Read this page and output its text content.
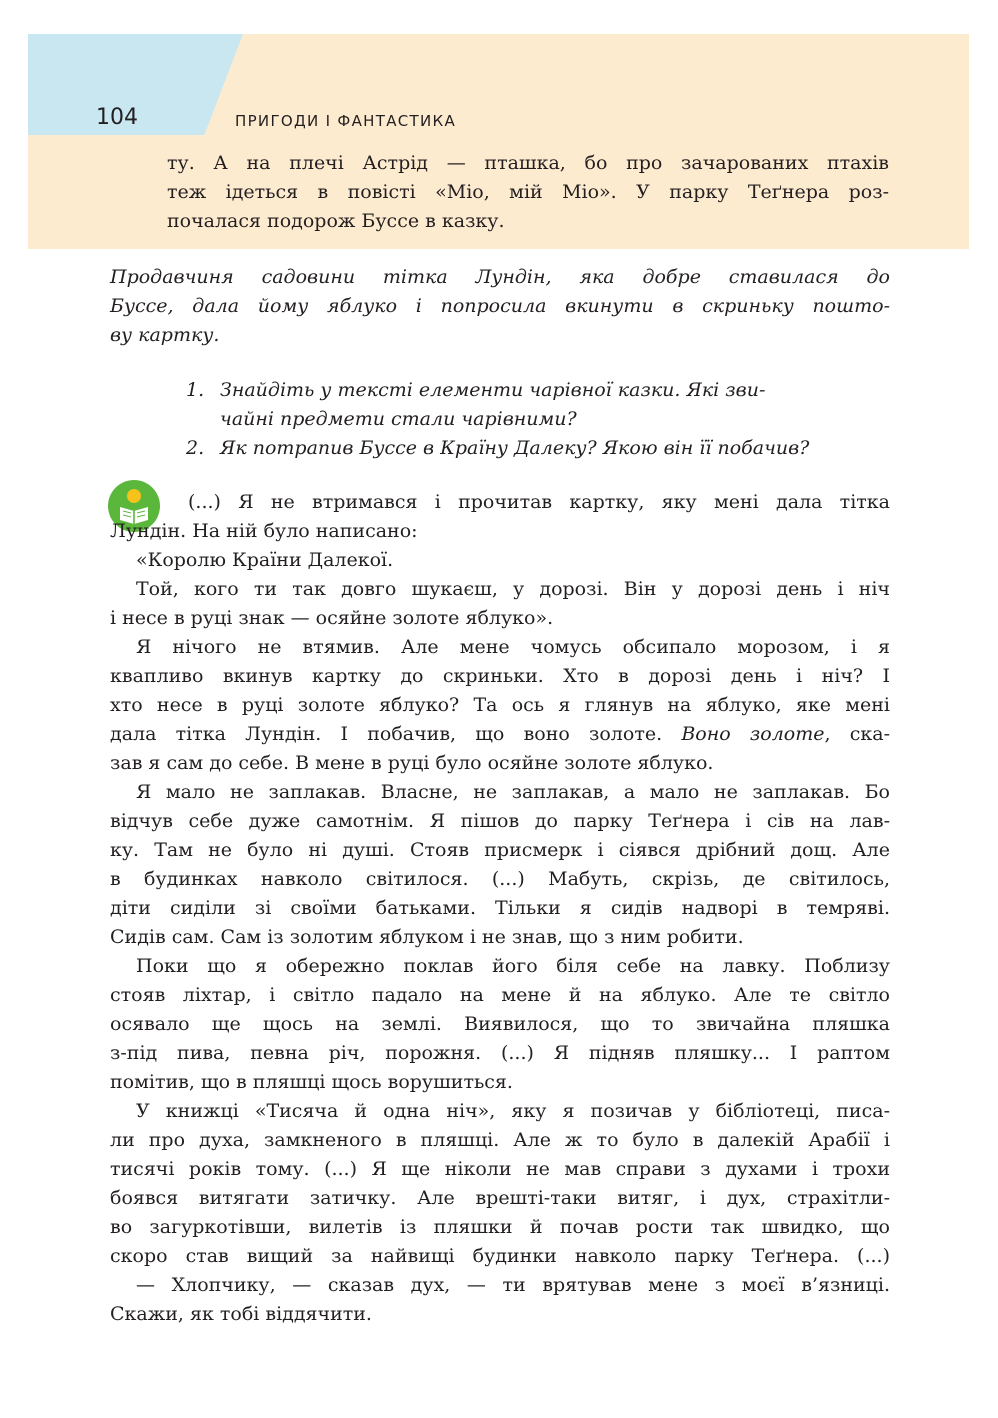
104	ПРИГОДИ І ФАНТАСТИКА
ту. А на плечі Астрід — пташка, бо про зачарованих птахів
теж ідеться в повісті «Міо, мій Міо». У парку Теґнера роз-
почалася подорож Буссе в казку.
Продавчиня садовини тітка Лундін, яка добре ставилася до
Буссе, дала йому яблуко і попросила вкинути в скриньку пошто-
ву картку.
1. Знайдіть у тексті елементи чарівної казки. Які зви-
чайні предмети стали чарівними?
2. Як потрапив Буссе в Країну Далеку? Якою він її побачив?
(...) Я не втримався і прочитав картку, яку мені дала тітка
Лундін. На ній було написано:
«Королю Країни Далекої.
Той, кого ти так довго шукаєш, у дорозі. Він у дорозі день і ніч
і несе в руці знак — осяйне золоте яблуко».
Я нічого не втямив. Але мене чомусь обсипало морозом, і я
квапливо вкинув картку до скриньки. Хто в дорозі день і ніч? І
хто несе в руці золоте яблуко? Та ось я глянув на яблуко, яке мені
дала тітка Лундін. І побачив, що воно золоте. Воно золоте, ска-
зав я сам до себе. В мене в руці було осяйне золоте яблуко.
Я мало не заплакав. Власне, не заплакав, а мало не заплакав. Бо
відчув себе дуже самотнім. Я пішов до парку Теґнера і сів на лав-
ку. Там не було ні душі. Стояв присмерк і сіявся дрібний дощ. Але
в будинках навколо світилося. (...) Мабуть, скрізь, де світилось,
діти сиділи зі своїми батьками. Тільки я сидів надворі в темряві.
Сидів сам. Сам із золотим яблуком і не знав, що з ним робити.
Поки що я обережно поклав його біля себе на лавку. Поблизу
стояв ліхтар, і світло падало на мене й на яблуко. Але те світло
осявало ще щось на землі. Виявилося, що то звичайна пляшка
з-під пива, певна річ, порожня. (...) Я підняв пляшку... І раптом
помітив, що в пляшці щось ворушиться.
У книжці «Тисяча й одна ніч», яку я позичав у бібліотеці, писа-
ли про духа, замкненого в пляшці. Але ж то було в далекій Арабії і
тисячі років тому. (...) Я ще ніколи не мав справи з духами і трохи
боявся витягати затичку. Але врешті-таки витяг, і дух, страхітли-
во загуркотівши, вилетів із пляшки й почав рости так швидко, що
скоро став вищий за найвищі будинки навколо парку Теґнера. (...)
— Хлопчику, — сказав дух, — ти врятував мене з моєї в’язниці.
Скажи, як тобі віддячити.
